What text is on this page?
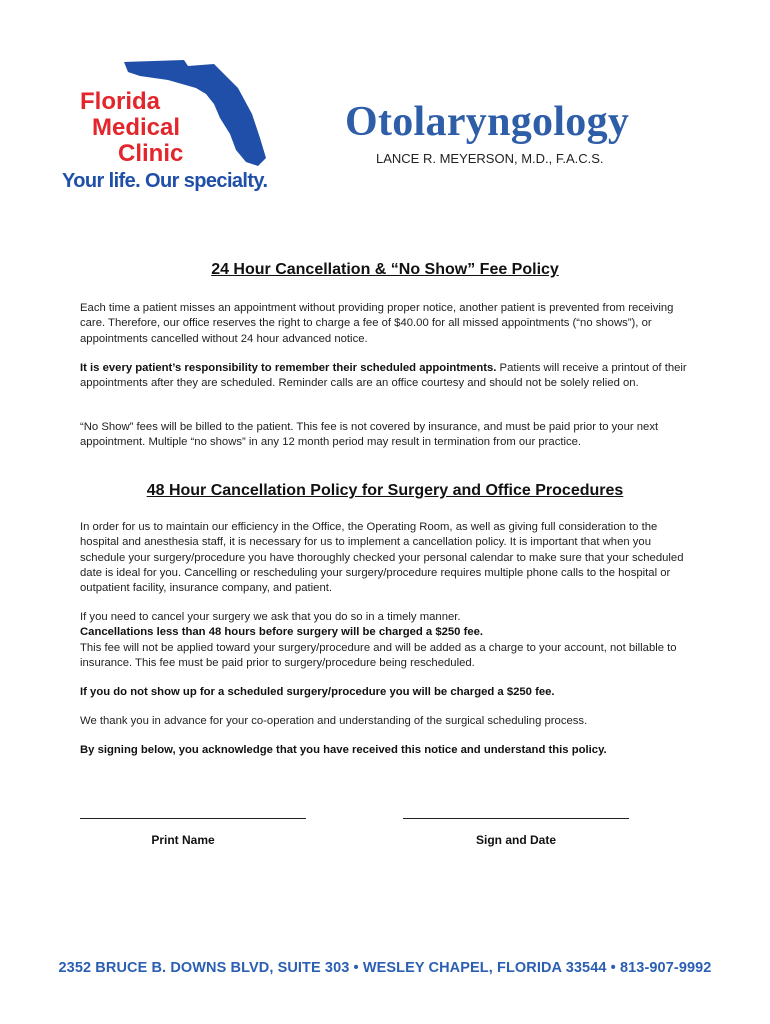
Florida
Medical
Clinic
Your life. Our specialty.
Otolaryngology
LANCE R. MEYERSON, M.D., F.A.C.S.
24 Hour Cancellation & “No Show” Fee Policy
Each time a patient misses an appointment without providing proper notice, another patient is prevented from receiving care. Therefore, our office reserves the right to charge a fee of $40.00 for all missed appointments (“no shows”), or appointments cancelled without 24 hour advanced notice.
It is every patient’s responsibility to remember their scheduled appointments. Patients will receive a printout of their appointments after they are scheduled. Reminder calls are an office courtesy and should not be solely relied on.
“No Show” fees will be billed to the patient. This fee is not covered by insurance, and must be paid prior to your next appointment. Multiple “no shows” in any 12 month period may result in termination from our practice.
48 Hour Cancellation Policy for Surgery and Office Procedures
In order for us to maintain our efficiency in the Office, the Operating Room, as well as giving full consideration to the hospital and anesthesia staff, it is necessary for us to implement a cancellation policy. It is important that when you schedule your surgery/procedure you have thoroughly checked your personal calendar to make sure that your scheduled date is ideal for you. Cancelling or rescheduling your surgery/procedure requires multiple phone calls to the hospital or outpatient facility, insurance company, and patient.
If you need to cancel your surgery we ask that you do so in a timely manner.
Cancellations less than 48 hours before surgery will be charged a $250 fee.
This fee will not be applied toward your surgery/procedure and will be added as a charge to your account, not billable to insurance. This fee must be paid prior to surgery/procedure being rescheduled.
If you do not show up for a scheduled surgery/procedure you will be charged a $250 fee.
We thank you in advance for your co-operation and understanding of the surgical scheduling process.
By signing below, you acknowledge that you have received this notice and understand this policy.
Print Name	Sign and Date
2352 BRUCE B. DOWNS BLVD, SUITE 303 • WESLEY CHAPEL, FLORIDA 33544 • 813-907-9992
